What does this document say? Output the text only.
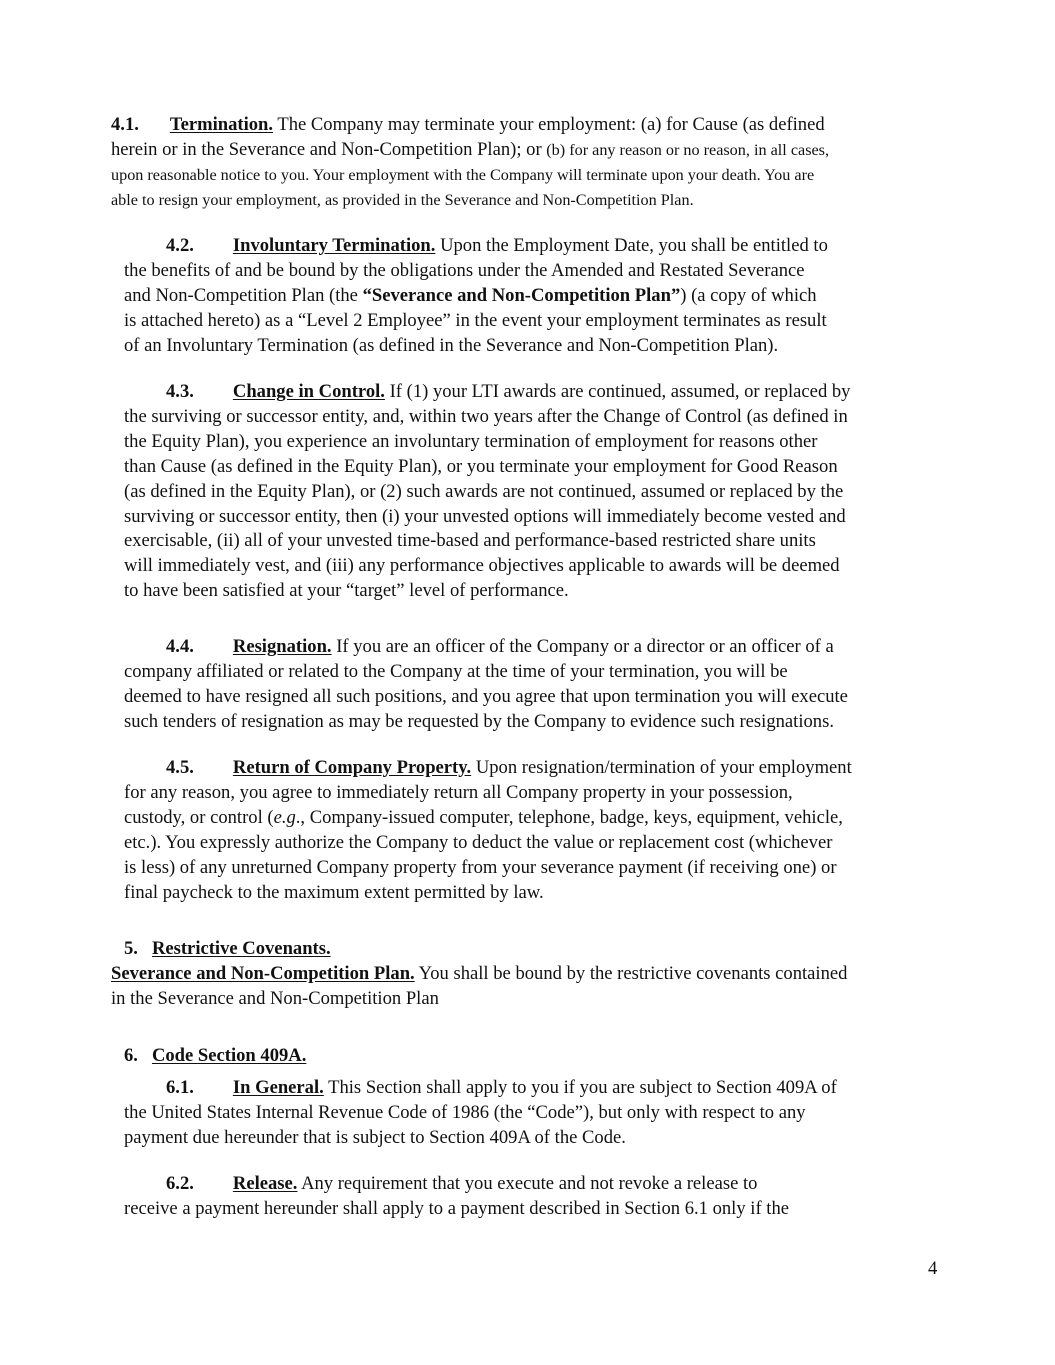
4.1. Termination. The Company may terminate your employment: (a) for Cause (as defined
herein or in the Severance and Non-Competition Plan); or (b) for any reason or no reason, in all cases,
upon reasonable notice to you. Your employment with the Company will terminate upon your death. You are
able to resign your employment, as provided in the Severance and Non-Competition Plan.
4.2. Involuntary Termination. Upon the Employment Date, you shall be entitled to
the benefits of and be bound by the obligations under the Amended and Restated Severance
and Non-Competition Plan (the “Severance and Non-Competition Plan”) (a copy of which
is attached hereto) as a “Level 2 Employee” in the event your employment terminates as result
of an Involuntary Termination (as defined in the Severance and Non-Competition Plan).
4.3. Change in Control. If (1) your LTI awards are continued, assumed, or replaced by
the surviving or successor entity, and, within two years after the Change of Control (as defined in
the Equity Plan), you experience an involuntary termination of employment for reasons other
than Cause (as defined in the Equity Plan), or you terminate your employment for Good Reason
(as defined in the Equity Plan), or (2) such awards are not continued, assumed or replaced by the
surviving or successor entity, then (i) your unvested options will immediately become vested and
exercisable, (ii) all of your unvested time-based and performance-based restricted share units
will immediately vest, and (iii) any performance objectives applicable to awards will be deemed
to have been satisfied at your “target” level of performance.
4.4. Resignation. If you are an officer of the Company or a director or an officer of a
company affiliated or related to the Company at the time of your termination, you will be
deemed to have resigned all such positions, and you agree that upon termination you will execute
such tenders of resignation as may be requested by the Company to evidence such resignations.
4.5. Return of Company Property. Upon resignation/termination of your employment
for any reason, you agree to immediately return all Company property in your possession,
custody, or control (e.g., Company-issued computer, telephone, badge, keys, equipment, vehicle,
etc.). You expressly authorize the Company to deduct the value or replacement cost (whichever
is less) of any unreturned Company property from your severance payment (if receiving one) or
final paycheck to the maximum extent permitted by law.
5. Restrictive Covenants.
Severance and Non-Competition Plan. You shall be bound by the restrictive covenants contained
in the Severance and Non-Competition Plan
6. Code Section 409A.
6.1. In General. This Section shall apply to you if you are subject to Section 409A of
the United States Internal Revenue Code of 1986 (the “Code”), but only with respect to any
payment due hereunder that is subject to Section 409A of the Code.
6.2. Release. Any requirement that you execute and not revoke a release to
receive a payment hereunder shall apply to a payment described in Section 6.1 only if the
4
